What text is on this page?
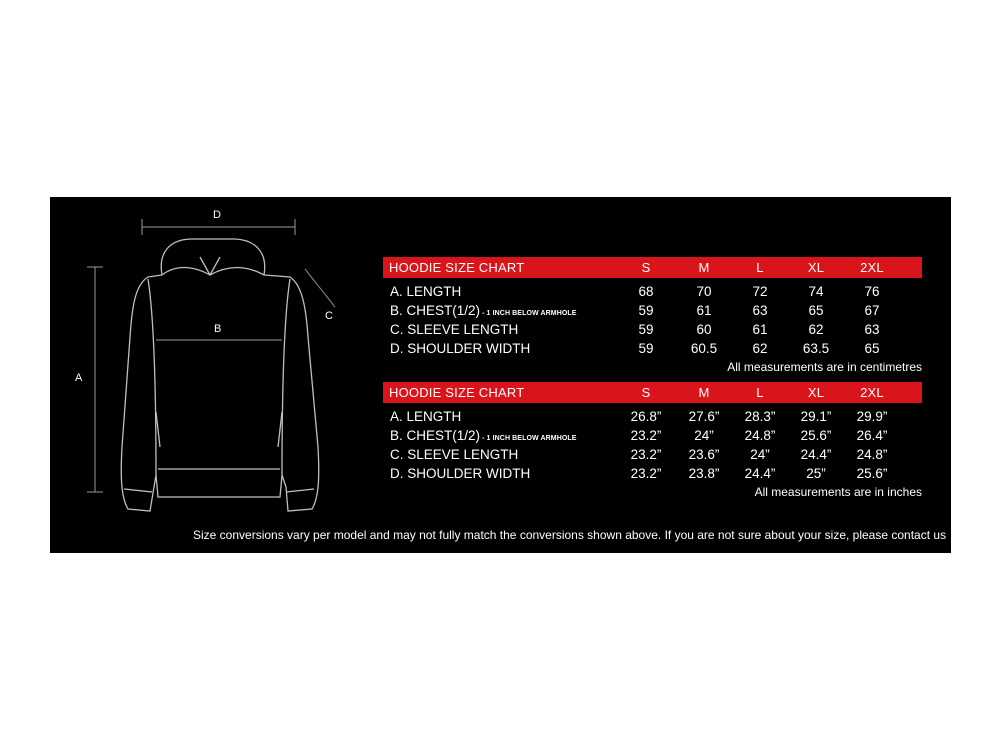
D
A
C
B
HOODIE SIZE CHART	S	M	L	XL	2XL
A. LENGTH	68	70	72	74	76
B. CHEST(1/2) - 1 INCH BELOW ARMHOLE	59	61	63	65	67
C. SLEEVE LENGTH	59	60	61	62	63
D. SHOULDER WIDTH	59	60.5	62	63.5	65
All measurements are in centimetres
HOODIE SIZE CHART	S	M	L	XL	2XL
A. LENGTH	26.8”	27.6”	28.3”	29.1”	29.9”
B. CHEST(1/2) - 1 INCH BELOW ARMHOLE	23.2”	24”	24.8”	25.6”	26.4”
C. SLEEVE LENGTH	23.2”	23.6”	24”	24.4”	24.8”
D. SHOULDER WIDTH	23.2”	23.8”	24.4”	25”	25.6”
All measurements are in inches
Size conversions vary per model and may not fully match the conversions shown above. If you are not sure about your size, please contact us
